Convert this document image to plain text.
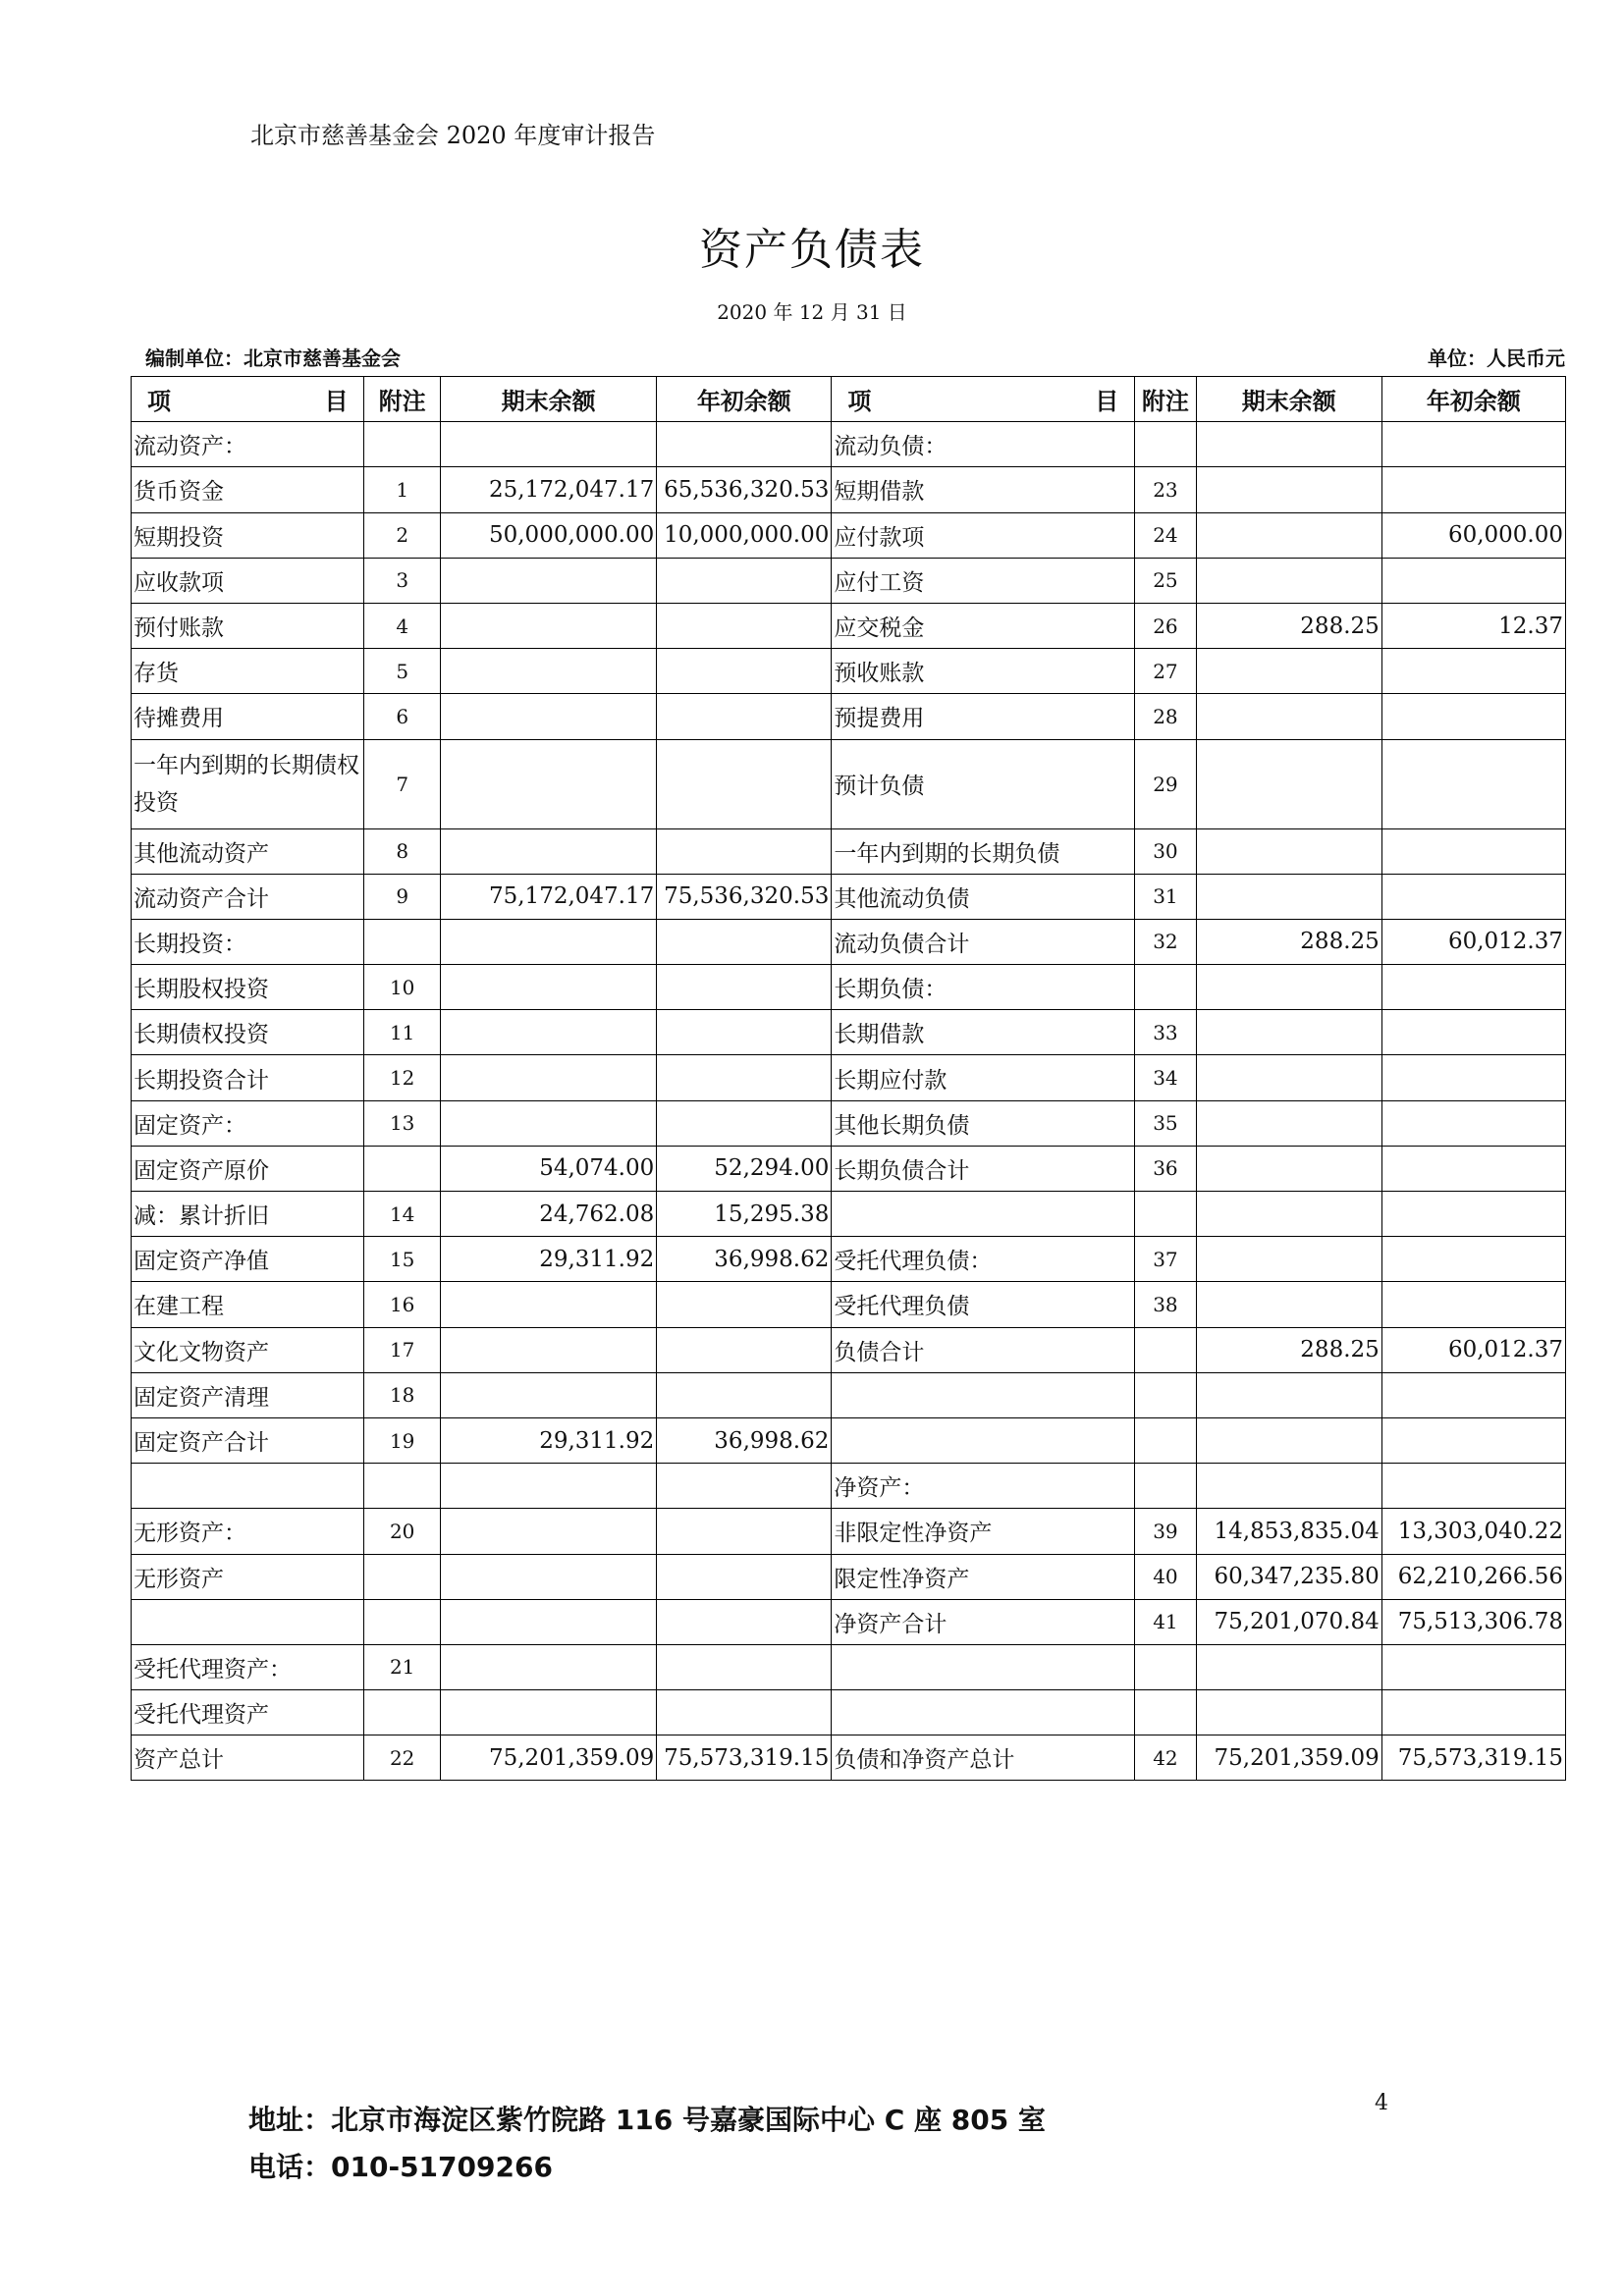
北京市慈善基金会 2020 年度审计报告
资产负债表
2020 年 12 月 31 日
编制单位：北京市慈善基金会	单位：人民币元
项 目	附注	期末余额	年初余额	项 目	附注	期末余额	年初余额
流动资产：				流动负债：			
货币资金	1	25,172,047.17	65,536,320.53	短期借款	23		
短期投资	2	50,000,000.00	10,000,000.00	应付款项	24		60,000.00
应收款项	3			应付工资	25		
预付账款	4			应交税金	26	288.25	12.37
存货	5			预收账款	27		
待摊费用	6			预提费用	28		
一年内到期的长期债权投资	7			预计负债	29		
其他流动资产	8			一年内到期的长期负债	30		
流动资产合计	9	75,172,047.17	75,536,320.53	其他流动负债	31		
长期投资：				流动负债合计	32	288.25	60,012.37
长期股权投资	10			长期负债：			
长期债权投资	11			长期借款	33		
长期投资合计	12			长期应付款	34		
固定资产：	13			其他长期负债	35		
固定资产原价		54,074.00	52,294.00	长期负债合计	36		
减：累计折旧	14	24,762.08	15,295.38				
固定资产净值	15	29,311.92	36,998.62	受托代理负债：	37		
在建工程	16			受托代理负债	38		
文化文物资产	17			负债合计		288.25	60,012.37
固定资产清理	18						
固定资产合计	19	29,311.92	36,998.62				
				净资产：			
无形资产：	20			非限定性净资产	39	14,853,835.04	13,303,040.22
无形资产				限定性净资产	40	60,347,235.80	62,210,266.56
				净资产合计	41	75,201,070.84	75,513,306.78
受托代理资产：	21						
受托代理资产							
资产总计	22	75,201,359.09	75,573,319.15	负债和净资产总计	42	75,201,359.09	75,573,319.15
地址：北京市海淀区紫竹院路 116 号嘉豪国际中心 C 座 805 室
电话：010-51709266
4
